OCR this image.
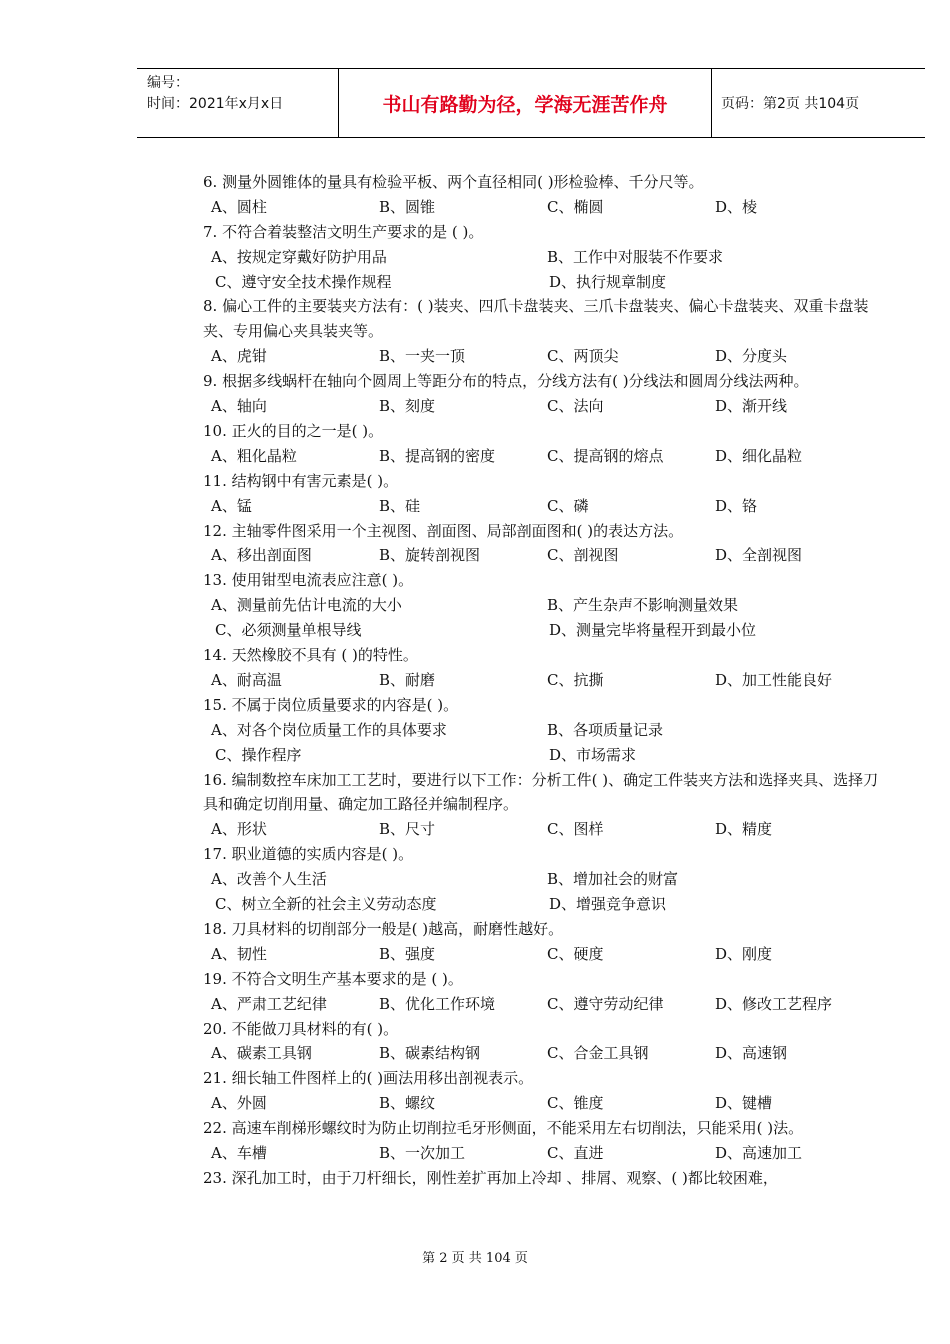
编号：
时间：2021年x月x日	书山有路勤为径，学海无涯苦作舟	页码：第2页 共104页
6. 测量外圆锥体的量具有检验平板、两个直径相同( )形检验棒、千分尺等。
A、圆柱	B、圆锥	C、椭圆	D、棱
7. 不符合着装整洁文明生产要求的是 ( )。
A、按规定穿戴好防护用品	B、工作中对服装不作要求
C、遵守安全技术操作规程	D、执行规章制度
8. 偏心工件的主要装夹方法有：( )装夹、四爪卡盘装夹、三爪卡盘装夹、偏心卡盘装夹、双重卡盘装夹、专用偏心夹具装夹等。
A、虎钳	B、一夹一顶	C、两顶尖	D、分度头
9. 根据多线蜗杆在轴向个圆周上等距分布的特点，分线方法有( )分线法和圆周分线法两种。
A、轴向	B、刻度	C、法向	D、渐开线
10. 正火的目的之一是( )。
A、粗化晶粒	B、提高钢的密度	C、提高钢的熔点	D、细化晶粒
11. 结构钢中有害元素是( )。
A、锰	B、硅	C、磷	D、铬
12. 主轴零件图采用一个主视图、剖面图、局部剖面图和( )的表达方法。
A、移出剖面图	B、旋转剖视图	C、剖视图	D、全剖视图
13. 使用钳型电流表应注意( )。
A、测量前先估计电流的大小	B、产生杂声不影响测量效果
C、必须测量单根导线	D、测量完毕将量程开到最小位
14. 天然橡胶不具有 ( )的特性。
A、耐高温	B、耐磨	C、抗撕	D、加工性能良好
15. 不属于岗位质量要求的内容是( )。
A、对各个岗位质量工作的具体要求	B、各项质量记录
C、操作程序	D、市场需求
16. 编制数控车床加工工艺时，要进行以下工作：分析工件( )、确定工件装夹方法和选择夹具、选择刀具和确定切削用量、确定加工路径并编制程序。
A、形状	B、尺寸	C、图样	D、精度
17. 职业道德的实质内容是( )。
A、改善个人生活	B、增加社会的财富
C、树立全新的社会主义劳动态度	D、增强竞争意识
18. 刀具材料的切削部分一般是( )越高，耐磨性越好。
A、韧性	B、强度	C、硬度	D、刚度
19. 不符合文明生产基本要求的是 ( )。
A、严肃工艺纪律	B、优化工作环境	C、遵守劳动纪律	D、修改工艺程序
20. 不能做刀具材料的有( )。
A、碳素工具钢	B、碳素结构钢	C、合金工具钢	D、高速钢
21. 细长轴工件图样上的( )画法用移出剖视表示。
A、外圆	B、螺纹	C、锥度	D、键槽
22. 高速车削梯形螺纹时为防止切削拉毛牙形侧面，不能采用左右切削法，只能采用( )法。
A、车槽	B、一次加工	C、直进	D、高速加工
23. 深孔加工时，由于刀杆细长，刚性差扩再加上冷却 、排屑、观察、( )都比较困难，
第 2 页 共 104 页
